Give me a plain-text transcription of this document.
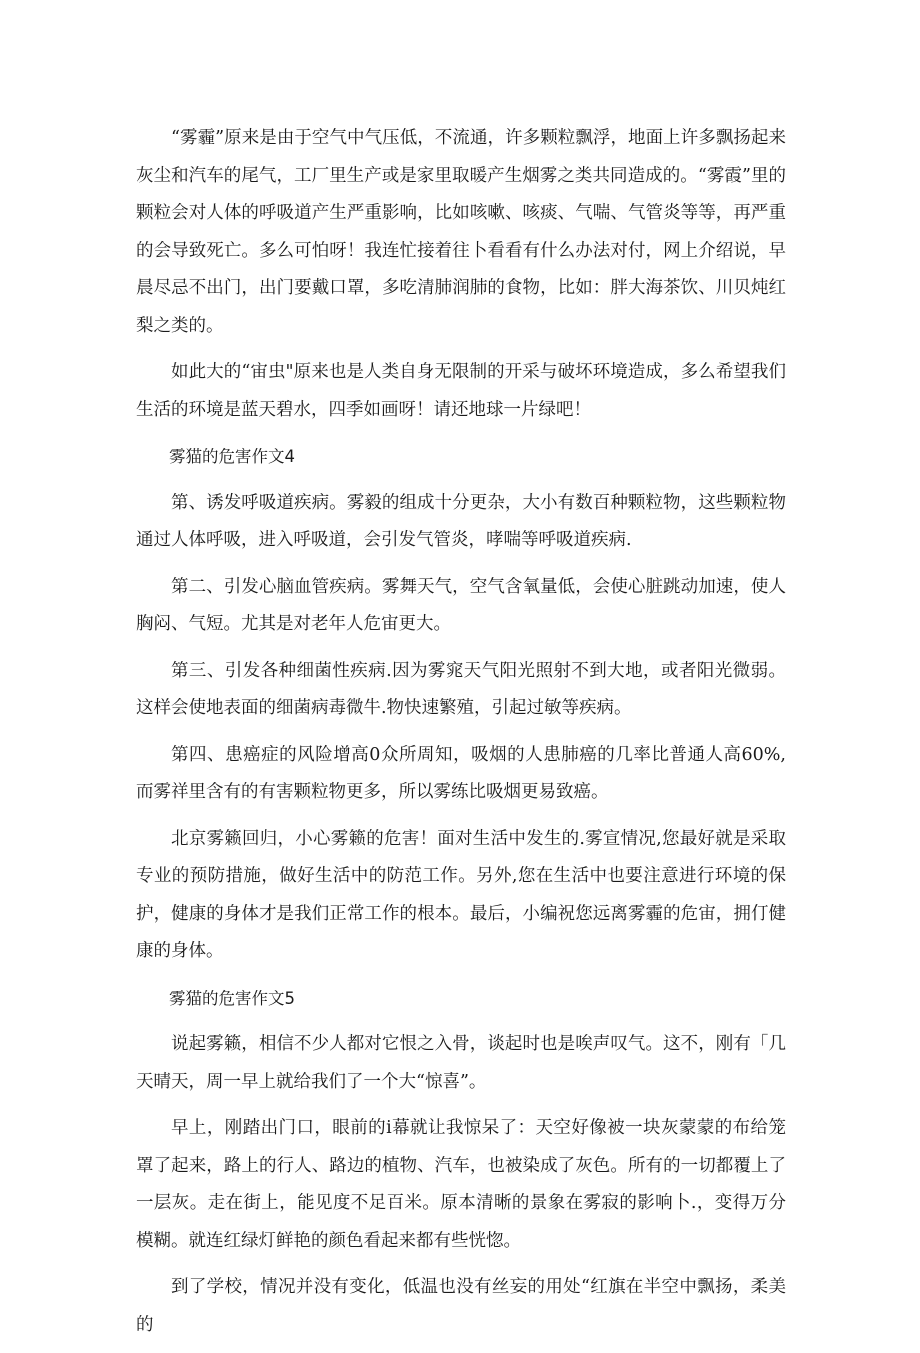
“雾霾”原来是由于空气中气压低，不流通，许多颗粒飘浮，地面上许多飘扬起来灰尘和汽车的尾气，工厂里生产或是家里取暖产生烟雾之类共同造成的。“雾霞”里的颗粒会对人体的呼吸道产生严重影响，比如咳嗽、咳痰、气喘、气管炎等等，再严重的会导致死亡。多么可怕呀！我连忙接着往卜看看有什么办法对付，网上介绍说，早晨尽忌不出门，出门要戴口罩，多吃清肺润肺的食物，比如：胖大海茶饮、川贝炖红梨之类的。

如此大的“宙虫"原来也是人类自身无限制的开采与破坏环境造成，多么希望我们生活的环境是蓝天碧水，四季如画呀！请还地球一片绿吧！

雾猫的危害作文4

第、诱发呼吸道疾病。雾毅的组成十分更杂，大小有数百种颗粒物，这些颗粒物通过人体呼吸，进入呼吸道，会引发气管炎，哮喘等呼吸道疾病.

第二、引发心脑血管疾病。雾舞天气，空气含氧量低，会使心脏跳动加速，使人胸闷、气短。尤其是对老年人危宙更大。

第三、引发各种细菌性疾病.因为雾窕天气阳光照射不到大地，或者阳光微弱。这样会使地表面的细菌病毒微牛.物快速繁殖，引起过敏等疾病。

第四、患癌症的风险增高0众所周知，吸烟的人患肺癌的几率比普通人高60%,而雾祥里含有的有害颗粒物更多，所以雾练比吸烟更易致癌。

北京雾籁回归，小心雾籁的危害！面对生活中发生的.雾宣情况,您最好就是采取专业的预防措施，做好生活中的防范工作。另外,您在生活中也要注意进行环境的保护，健康的身体才是我们正常工作的根本。最后，小编祝您远离雾霾的危宙，拥仃健康的身体。

雾猫的危害作文5

说起雾籁，相信不少人都对它恨之入骨，谈起时也是唉声叹气。这不，刚有「几天晴天，周一早上就给我们了一个大“惊喜”。

早上，刚踏出门口，眼前的i幕就让我惊呆了：天空好像被一块灰蒙蒙的布给笼罩了起来，路上的行人、路边的植物、汽车，也被染成了灰色。所有的一切都覆上了一层灰。走在街上，能见度不足百米。原本清晰的景象在雾寂的影响卜.，变得万分模糊。就连红绿灯鲜艳的颜色看起来都有些恍惚。

到了学校，情况并没有变化，低温也没有丝妄的用处“红旗在半空中飘扬，柔美的
